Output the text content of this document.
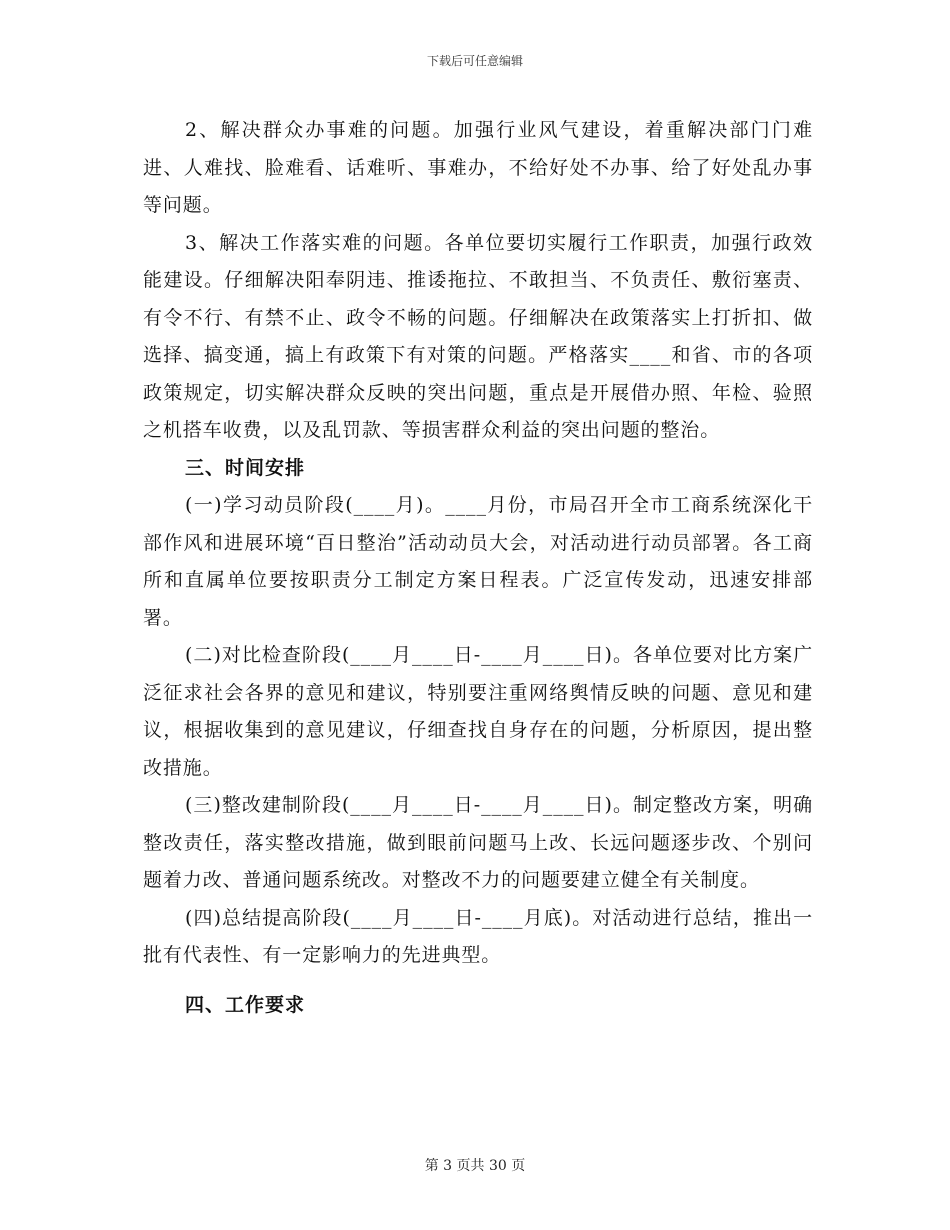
下载后可任意编辑

2、解决群众办事难的问题。加强行业风气建设，着重解决部门门难进、人难找、脸难看、话难听、事难办，不给好处不办事、给了好处乱办事等问题。

3、解决工作落实难的问题。各单位要切实履行工作职责，加强行政效能建设。仔细解决阳奉阴违、推诿拖拉、不敢担当、不负责任、敷衍塞责、有令不行、有禁不止、政令不畅的问题。仔细解决在政策落实上打折扣、做选择、搞变通，搞上有政策下有对策的问题。严格落实____和省、市的各项政策规定，切实解决群众反映的突出问题，重点是开展借办照、年检、验照之机搭车收费，以及乱罚款、等损害群众利益的突出问题的整治。

三、时间安排

(一)学习动员阶段(____月)。____月份，市局召开全市工商系统深化干部作风和进展环境“百日整治”活动动员大会，对活动进行动员部署。各工商所和直属单位要按职责分工制定方案日程表。广泛宣传发动，迅速安排部署。

(二)对比检查阶段(____月____日-____月____日)。各单位要对比方案广泛征求社会各界的意见和建议，特别要注重网络舆情反映的问题、意见和建议，根据收集到的意见建议，仔细查找自身存在的问题，分析原因，提出整改措施。

(三)整改建制阶段(____月____日-____月____日)。制定整改方案，明确整改责任，落实整改措施，做到眼前问题马上改、长远问题逐步改、个别问题着力改、普通问题系统改。对整改不力的问题要建立健全有关制度。

(四)总结提高阶段(____月____日-____月底)。对活动进行总结，推出一批有代表性、有一定影响力的先进典型。

四、工作要求

第 3 页共 30 页
